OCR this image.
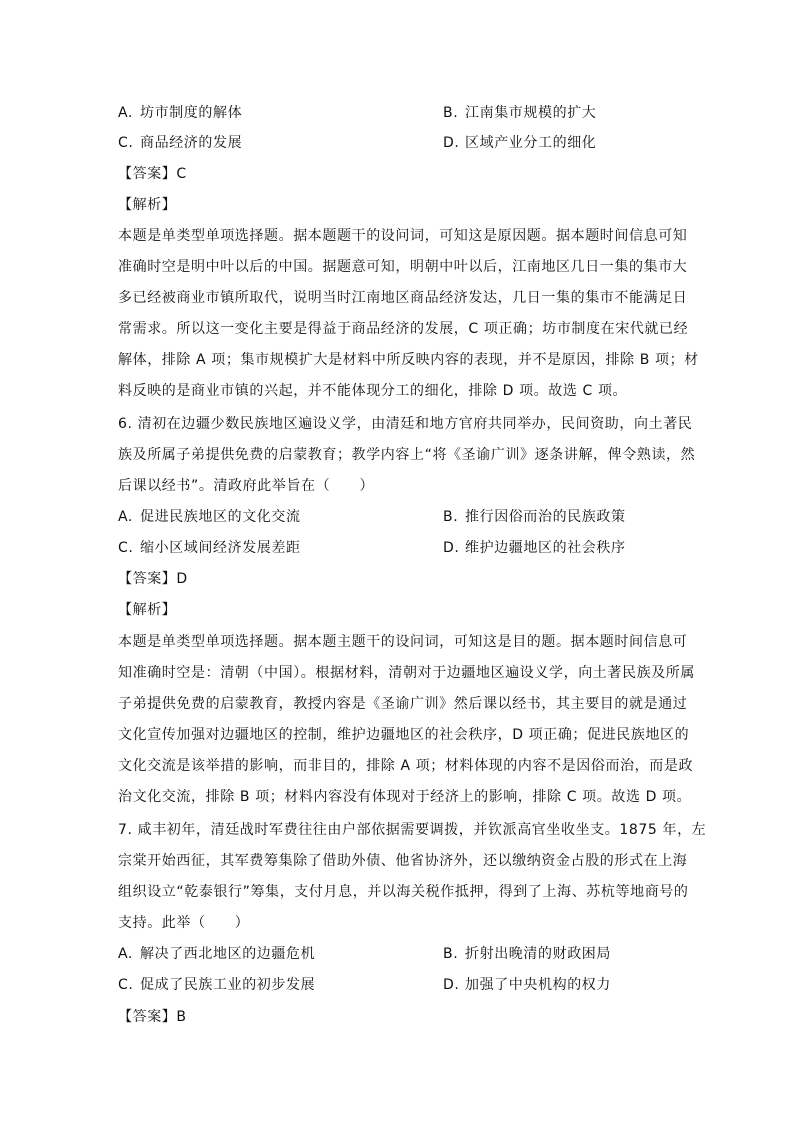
A. 坊市制度的解体	B. 江南集市规模的扩大
C. 商品经济的发展	D. 区域产业分工的细化
【答案】C
【解析】
本题是单类型单项选择题。据本题题干的设问词，可知这是原因题。据本题时间信息可知
准确时空是明中叶以后的中国。据题意可知，明朝中叶以后，江南地区几日一集的集市大
多已经被商业市镇所取代，说明当时江南地区商品经济发达，几日一集的集市不能满足日
常需求。所以这一变化主要是得益于商品经济的发展，C 项正确；坊市制度在宋代就已经
解体，排除 A 项；集市规模扩大是材料中所反映内容的表现，并不是原因，排除 B 项；材
料反映的是商业市镇的兴起，并不能体现分工的细化，排除 D 项。故选 C 项。
6. 清初在边疆少数民族地区遍设义学，由清廷和地方官府共同举办，民间资助，向土著民
族及所属子弟提供免费的启蒙教育；教学内容上“将《圣谕广训》逐条讲解，俾令熟读，然
后课以经书”。清政府此举旨在（　　）
A. 促进民族地区的文化交流	B. 推行因俗而治的民族政策
C. 缩小区域间经济发展差距	D. 维护边疆地区的社会秩序
【答案】D
【解析】
本题是单类型单项选择题。据本题主题干的设问词，可知这是目的题。据本题时间信息可
知准确时空是：清朝（中国）。根据材料，清朝对于边疆地区遍设义学，向土著民族及所属
子弟提供免费的启蒙教育，教授内容是《圣谕广训》然后课以经书，其主要目的就是通过
文化宣传加强对边疆地区的控制，维护边疆地区的社会秩序，D 项正确；促进民族地区的
文化交流是该举措的影响，而非目的，排除 A 项；材料体现的内容不是因俗而治，而是政
治文化交流，排除 B 项；材料内容没有体现对于经济上的影响，排除 C 项。故选 D 项。
7. 咸丰初年，清廷战时军费往往由户部依据需要调拨，并钦派高官坐收坐支。1875 年，左
宗棠开始西征，其军费筹集除了借助外债、他省协济外，还以缴纳资金占股的形式在上海
组织设立“乾泰银行”筹集，支付月息，并以海关税作抵押，得到了上海、苏杭等地商号的
支持。此举（　　）
A. 解决了西北地区的边疆危机	B. 折射出晚清的财政困局
C. 促成了民族工业的初步发展	D. 加强了中央机构的权力
【答案】B
